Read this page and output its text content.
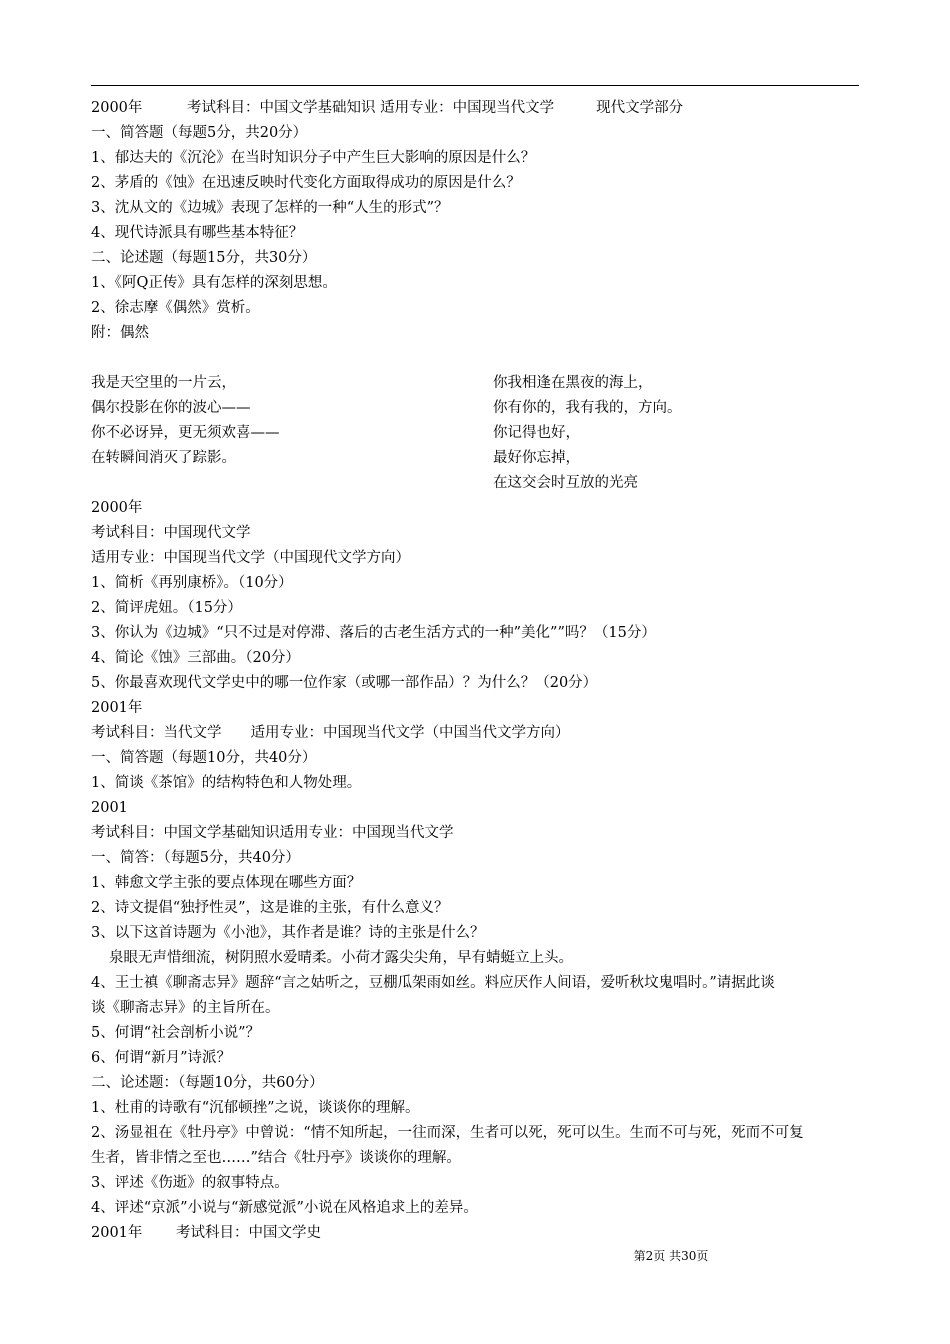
2000年	考试科目：中国文学基础知识 适用专业：中国现当代文学	现代文学部分
一、简答题（每题5分，共20分）
1、郁达夫的《沉沦》在当时知识分子中产生巨大影响的原因是什么？
2、茅盾的《蚀》在迅速反映时代变化方面取得成功的原因是什么？
3、沈从文的《边城》表现了怎样的一种“人生的形式”？
4、现代诗派具有哪些基本特征？
二、论述题（每题15分，共30分）
1、《阿Q正传》具有怎样的深刻思想。
2、徐志摩《偶然》赏析。
附：偶然
我是天空里的一片云，
偶尔投影在你的波心——
你不必讶异，更无须欢喜——
在转瞬间消灭了踪影。
你我相逢在黑夜的海上，
你有你的，我有我的，方向。
你记得也好，
最好你忘掉，
在这交会时互放的光亮
2000年
考试科目：中国现代文学
适用专业：中国现当代文学（中国现代文学方向）
1、简析《再别康桥》。（10分）
2、简评虎妞。（15分）
3、你认为《边城》“只不过是对停滞、落后的古老生活方式的一种”美化””吗？（15分）
4、简论《蚀》三部曲。（20分）
5、你最喜欢现代文学史中的哪一位作家（或哪一部作品）？为什么？（20分）
2001年
考试科目：当代文学　　适用专业：中国现当代文学（中国当代文学方向）
一、简答题（每题10分，共40分）
1、简谈《茶馆》的结构特色和人物处理。
2001
考试科目：中国文学基础知识适用专业：中国现当代文学
一、简答：（每题5分，共40分）
1、韩愈文学主张的要点体现在哪些方面？
2、诗文提倡“独抒性灵”，这是谁的主张，有什么意义？
3、以下这首诗题为《小池》，其作者是谁？诗的主张是什么？
泉眼无声惜细流，树阴照水爱晴柔。小荷才露尖尖角，早有蜻蜓立上头。
4、王士禛《聊斋志异》题辞“言之姑听之，豆棚瓜架雨如丝。料应厌作人间语，爱听秋坟鬼唱时。”请据此谈
谈《聊斋志异》的主旨所在。
5、何谓“社会剖析小说”？
6、何谓“新月”诗派？
二、论述题：（每题10分，共60分）
1、杜甫的诗歌有“沉郁顿挫”之说，谈谈你的理解。
2、汤显祖在《牡丹亭》中曾说：“情不知所起，一往而深，生者可以死，死可以生。生而不可与死，死而不可复
生者，皆非情之至也……”结合《牡丹亭》谈谈你的理解。
3、评述《伤逝》的叙事特点。
4、评述“京派”小说与“新感觉派”小说在风格追求上的差异。
2001年　　 考试科目：中国文学史
第2页 共30页
